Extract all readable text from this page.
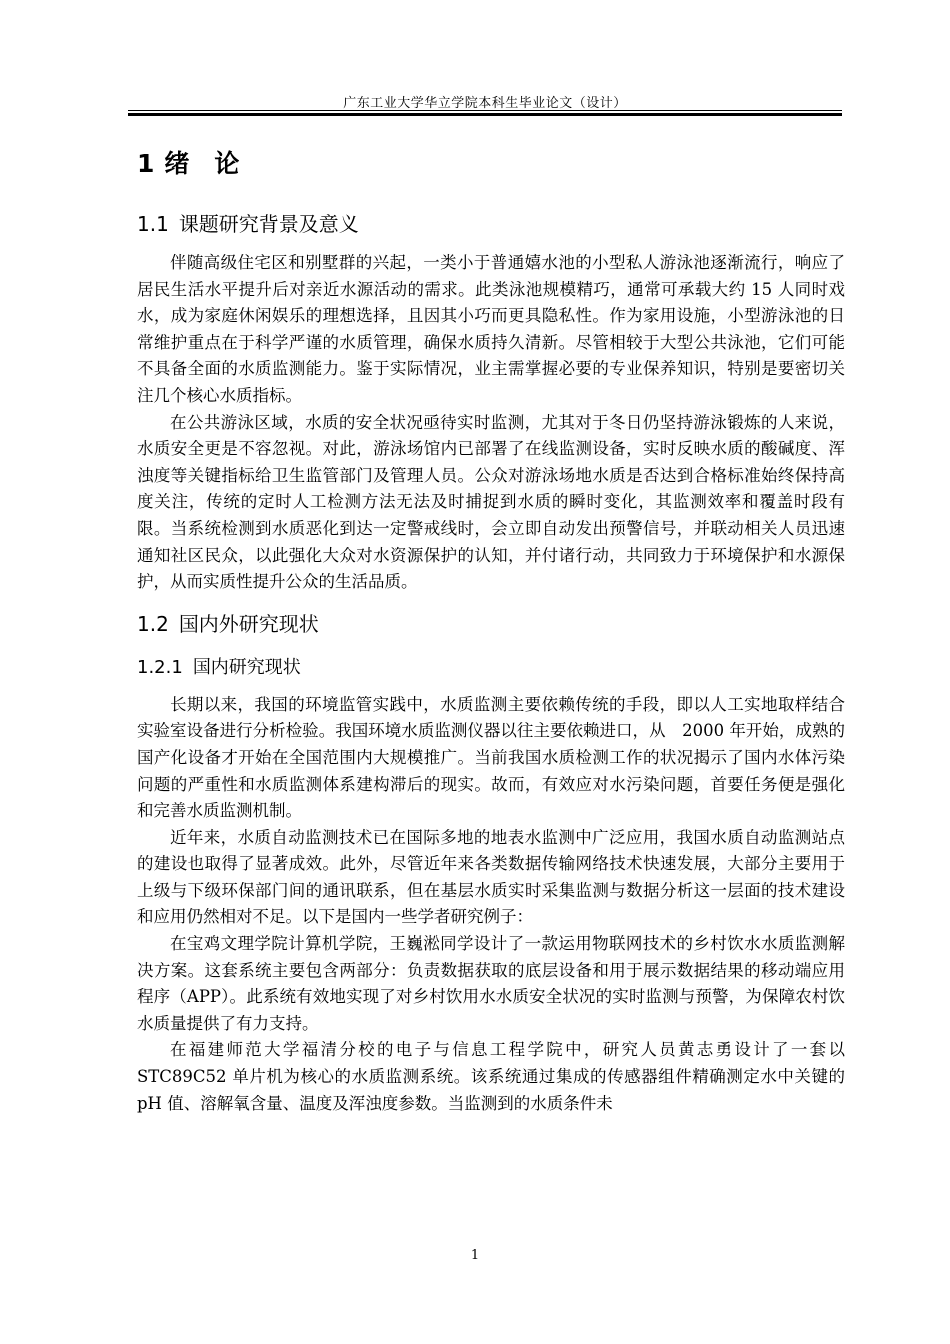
广东工业大学华立学院本科生毕业论文（设计）
1 绪　论
1.1 课题研究背景及意义

伴随高级住宅区和别墅群的兴起，一类小于普通嬉水池的小型私人游泳池逐渐流行，响应了居民生活水平提升后对亲近水源活动的需求。此类泳池规模精巧，通常可承载大约 15 人同时戏水，成为家庭休闲娱乐的理想选择，且因其小巧而更具隐私性。作为家用设施，小型游泳池的日常维护重点在于科学严谨的水质管理，确保水质持久清新。尽管相较于大型公共泳池，它们可能不具备全面的水质监测能力。鉴于实际情况，业主需掌握必要的专业保养知识，特别是要密切关注几个核心水质指标。

在公共游泳区域，水质的安全状况亟待实时监测，尤其对于冬日仍坚持游泳锻炼的人来说，水质安全更是不容忽视。对此，游泳场馆内已部署了在线监测设备，实时反映水质的酸碱度、浑浊度等关键指标给卫生监管部门及管理人员。公众对游泳场地水质是否达到合格标准始终保持高度关注，传统的定时人工检测方法无法及时捕捉到水质的瞬时变化，其监测效率和覆盖时段有限。当系统检测到水质恶化到达一定警戒线时，会立即自动发出预警信号，并联动相关人员迅速通知社区民众，以此强化大众对水资源保护的认知，并付诸行动，共同致力于环境保护和水源保护，从而实质性提升公众的生活品质。

1.2 国内外研究现状
1.2.1 国内研究现状

长期以来，我国的环境监管实践中，水质监测主要依赖传统的手段，即以人工实地取样结合实验室设备进行分析检验。我国环境水质监测仪器以往主要依赖进口，从　2000 年开始，成熟的国产化设备才开始在全国范围内大规模推广。当前我国水质检测工作的状况揭示了国内水体污染问题的严重性和水质监测体系建构滞后的现实。故而，有效应对水污染问题，首要任务便是强化和完善水质监测机制。

近年来，水质自动监测技术已在国际多地的地表水监测中广泛应用，我国水质自动监测站点的建设也取得了显著成效。此外，尽管近年来各类数据传输网络技术快速发展，大部分主要用于上级与下级环保部门间的通讯联系，但在基层水质实时采集监测与数据分析这一层面的技术建设和应用仍然相对不足。以下是国内一些学者研究例子：

在宝鸡文理学院计算机学院，王巍淞同学设计了一款运用物联网技术的乡村饮水水质监测解决方案。这套系统主要包含两部分：负责数据获取的底层设备和用于展示数据结果的移动端应用程序（APP）。此系统有效地实现了对乡村饮用水水质安全状况的实时监测与预警，为保障农村饮水质量提供了有力支持。

在福建师范大学福清分校的电子与信息工程学院中，研究人员黄志勇设计了一套以 STC89C52 单片机为核心的水质监测系统。该系统通过集成的传感器组件精确测定水中关键的 pH 值、溶解氧含量、温度及浑浊度参数。当监测到的水质条件未

1
